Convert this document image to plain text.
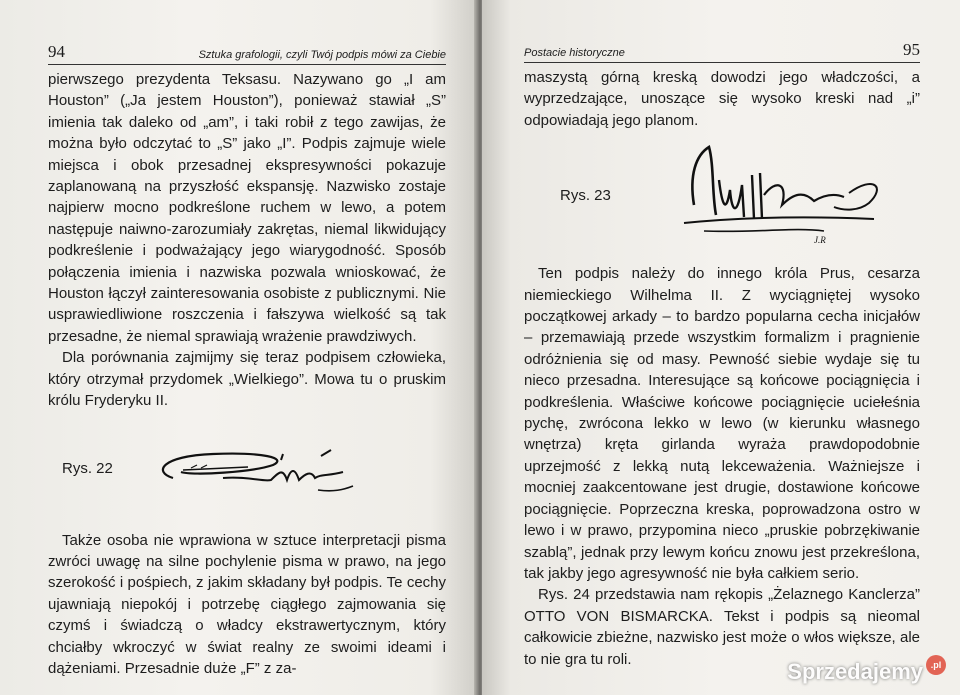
94	Sztuka grafologii, czyli Twój podpis mówi za Ciebie

pierwszego prezydenta Teksasu. Nazywano go „I am Houston” („Ja jestem Houston”), ponieważ stawiał „S” imienia tak daleko od „am”, i taki robił z tego zawijas, że można było odczytać to „S” jako „I”. Podpis zajmuje wiele miejsca i obok przesadnej ekspresywności pokazuje zaplanowaną na przyszłość ekspansję. Nazwisko zostaje najpierw mocno podkreślone ruchem w lewo, a potem następuje naiwno-zarozumiały zakrętas, niemal likwidujący podkreślenie i podważający jego wiarygodność. Sposób połączenia imienia i nazwiska pozwala wnioskować, że Houston łączył zainteresowania osobiste z publicznymi. Nie usprawiedliwione roszczenia i fałszywa wielkość są tak przesadne, że niemal sprawiają wrażenie prawdziwych.

Dla porównania zajmijmy się teraz podpisem człowieka, który otrzymał przydomek „Wielkiego”. Mowa tu o pruskim królu Fryderyku II.

Rys. 22

Także osoba nie wprawiona w sztuce interpretacji pisma zwróci uwagę na silne pochylenie pisma w prawo, na jego szerokość i pośpiech, z jakim składany był podpis. Te cechy ujawniają niepokój i potrzebę ciągłego zajmowania się czymś i świadczą o władcy ekstrawertycznym, który chciałby wkroczyć w świat realny ze swoimi ideami i dążeniami. Przesadnie duże „F” z za-

Postacie historyczne	95

maszystą górną kreską dowodzi jego władczości, a wyprzedzające, unoszące się wysoko kreski nad „i” odpowiadają jego planom.

Rys. 23
J.R

Ten podpis należy do innego króla Prus, cesarza niemieckiego Wilhelma II. Z wyciągniętej wysoko początkowej arkady – to bardzo popularna cecha inicjałów – przemawiają przede wszystkim formalizm i pragnienie odróżnienia się od masy. Pewność siebie wydaje się tu nieco przesadna. Interesujące są końcowe pociągnięcia i podkreślenia. Właściwe końcowe pociągnięcie uciełeśnia pychę, zwrócona lekko w lewo (w kierunku własnego wnętrza) kręta girlanda wyraża prawdopodobnie uprzejmość z lekką nutą lekceważenia. Ważniejsze i mocniej zaakcentowane jest drugie, dostawione końcowe pociągnięcie. Poprzeczna kreska, poprowadzona ostro w lewo i w prawo, przypomina nieco „pruskie pobrzękiwanie szablą”, jednak przy lewym końcu znowu jest przekreślona, tak jakby jego agresywność nie była całkiem serio.

Rys. 24 przedstawia nam rękopis „Żelaznego Kanclerza” OTTO VON BISMARCKA. Tekst i podpis są nieomal całkowicie zbieżne, nazwisko jest może o włos większe, ale to nie gra tu roli.	Sprzedajemy .pl
